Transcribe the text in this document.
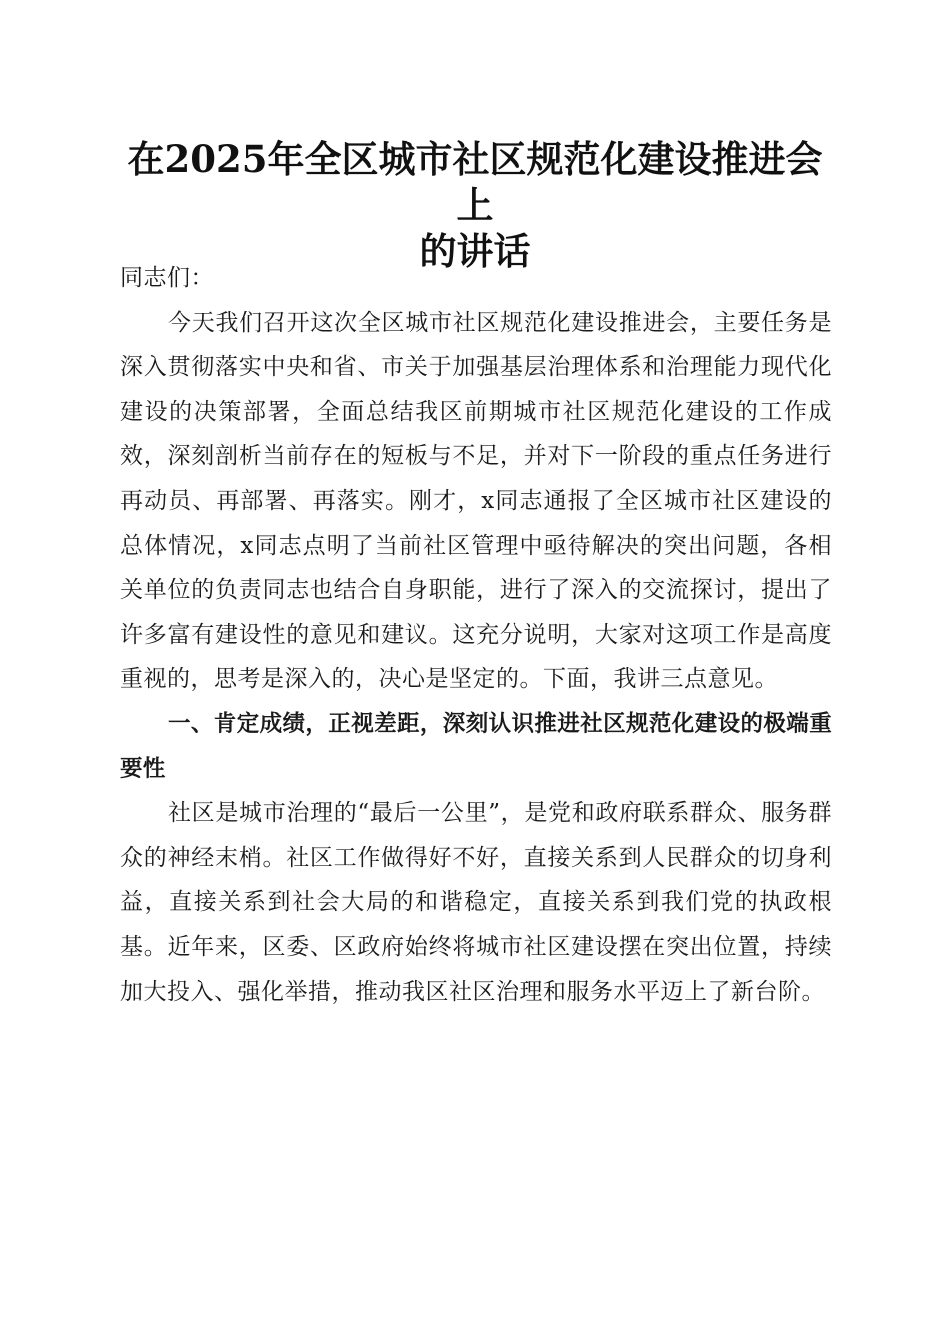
在2025年全区城市社区规范化建设推进会上
的讲话

同志们：

今天我们召开这次全区城市社区规范化建设推进会，主要任务是深入贯彻落实中央和省、市关于加强基层治理体系和治理能力现代化建设的决策部署，全面总结我区前期城市社区规范化建设的工作成效，深刻剖析当前存在的短板与不足，并对下一阶段的重点任务进行再动员、再部署、再落实。刚才，x同志通报了全区城市社区建设的总体情况，x同志点明了当前社区管理中亟待解决的突出问题，各相关单位的负责同志也结合自身职能，进行了深入的交流探讨，提出了许多富有建设性的意见和建议。这充分说明，大家对这项工作是高度重视的，思考是深入的，决心是坚定的。下面，我讲三点意见。

一、肯定成绩，正视差距，深刻认识推进社区规范化建设的极端重要性

社区是城市治理的“最后一公里”，是党和政府联系群众、服务群众的神经末梢。社区工作做得好不好，直接关系到人民群众的切身利益，直接关系到社会大局的和谐稳定，直接关系到我们党的执政根基。近年来，区委、区政府始终将城市社区建设摆在突出位置，持续加大投入、强化举措，推动我区社区治理和服务水平迈上了新台阶。
